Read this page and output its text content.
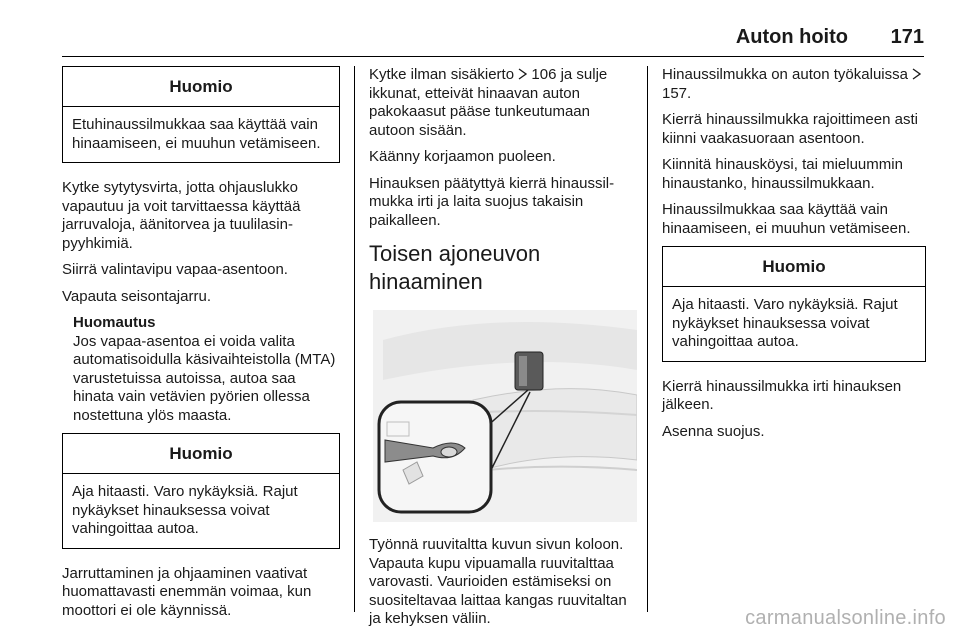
Auton hoito 171
Huomio
Etuhinaussilmukkaa saa käyttää vain hinaamiseen, ei muuhun vetämiseen.

Kytke sytytysvirta, jotta ohjauslukko vapautuu ja voit tarvittaessa käyttää jarruvaloja, äänitorvea ja tuulilasin-pyyhkimiä.

Siirrä valintavipu vapaa-asentoon.

Vapauta seisontajarru.

Huomautus
Jos vapaa-asentoa ei voida valita automatisoidulla käsivaihteistolla (MTA) varustetuissa autoissa, autoa saa hinata vain vetävien pyörien ollessa nostettuna ylös maasta.
Huomio
Aja hitaasti. Varo nykäyksiä. Rajut nykäykset hinauksessa voivat vahingoittaa autoa.

Jarruttaminen ja ohjaaminen vaativat huomattavasti enemmän voimaa, kun moottori ei ole käynnissä.

Kytke ilman sisäkierto  106 ja sulje ikkunat, etteivät hinaavan auton pakokaasut pääse tunkeutumaan autoon sisään.

Käänny korjaamon puoleen.

Hinauksen päätyttyä kierrä hinaussil-mukka irti ja laita suojus takaisin paikalleen.

Toisen ajoneuvon hinaaminen

Työnnä ruuvitaltta kuvun sivun koloon. Vapauta kupu vipuamalla ruuvitalttaa varovasti. Vaurioiden estämiseksi on suositeltavaa laittaa kangas ruuvitaltan ja kehyksen väliin.

Hinaussilmukka on auton työkaluissa  157.

Kierrä hinaussilmukka rajoittimeen asti kiinni vaakasuoraan asentoon.

Kiinnitä hinausköysi, tai mieluummin hinaustanko, hinaussilmukkaan.

Hinaussilmukkaa saa käyttää vain hinaamiseen, ei muuhun vetämiseen.

Huomio
Aja hitaasti. Varo nykäyksiä. Rajut nykäykset hinauksessa voivat vahingoittaa autoa.

Kierrä hinaussilmukka irti hinauksen jälkeen.

Asenna suojus.

carmanualsonline.info
